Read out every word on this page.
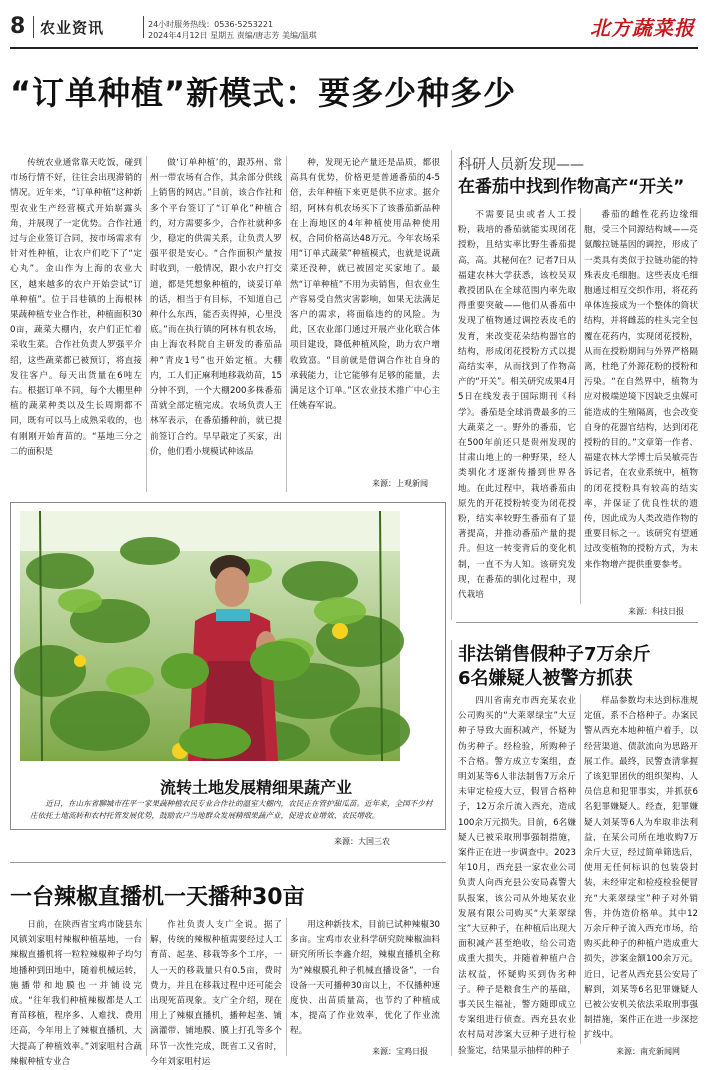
8 农业资讯	24小时服务热线：0536-5253221
2024年4月12日 星期五 责编/唐志芳 美编/温琪	北方蔬菜报
“订单种植”新模式：要多少种多少

传统农业通常靠天吃饭，碰到市场行情不好，往往会出现滞销的情况。近年来，“订单种植”这种新型农业生产经营模式开始崭露头角，并展现了一定优势。合作社通过与企业签订合同，按市场需求有针对性种植，让农户们吃下了“定心丸”。金山作为上海的农业大区，越来越多的农户开始尝试“订单种植”。位于吕巷镇的上海根林果蔬种植专业合作社，种植面积300亩，蔬菜大棚内，农户们正忙着采收生菜。合作社负责人罗强平介绍，这些蔬菜都已被预订，将直接发往客户。每天出货量在6吨左右。根据订单不同，每个大棚里种植的蔬菜种类以及生长周期都不同，既有可以马上成熟采收的，也有刚刚开始育苗的。“基地三分之二的面积是

做‘订单种植’的，跟苏州、常州一带农场有合作，其余部分供线上销售的网店。”目前，该合作社和多个平台签订了“订单化”种植合约，对方需要多少，合作社就种多少，稳定的供需关系，让负责人罗强平很是安心。“合作面积产量按时收到，一般情况，跟小农户打交道，都是凭想象种植的，谈妥订单的话，相当于有目标，不知道自己种什么东西，能否卖得掉，心里没底。”而在执行镇的阿林有机农场，由上海农科院自主研发的番茄品种“青皮1号”也开始定植。大棚内，工人们正麻利地移栽幼苗，15分钟不到，一个大棚200多株番茄苗就全部定植完成。农场负责人王林军表示，在番茄播种前，就已提前签订合约。早早敲定了买家，出价，他们看小规模试种该品

种，发现无论产量还是品质，都很高具有优势，价格更是普通番茄的4-5倍，去年种植下来更是供不应求。据介绍，阿林有机农场买下了该番茄新品种在上海地区的4年种植使用品种使用权，合同价格高达48万元。今年农场采用“订单式蔬菜”种植模式，也就是说蔬菜还没种，就已被固定买家地了。最然“订单种植”不用为卖销售，但农业生产容易受自然灾害影响，如果无法满足客户的需求，将面临违约的风险。为此，区农业部门通过开展产业化联合体项目建设，降低种植风险，助力农户增收致富。“目前就是借调合作社自身的承载能力，让它能够有足够的能量，去满足这个订单。”区农业技术推广中心主任姚春军说。

来源：上观新闻
科研人员新发现——
在番茄中找到作物高产“开关”

不需要昆虫或者人工授粉，栽培的番茄就能实现闭花授粉，且结实率比野生番茄提高，高。其秘何在？记者7日从福建农林大学获悉，该校吴双教授团队在全球范围内率先取得重要突破——他们从番茄中发现了植物通过调控表皮毛的发育，来改变花朵结构器官的结构，形成闭花授粉方式以提高结实率，从而找到了作物高产的“开关”。相关研究成果4月5日在线发表于国际期刊《科学》。番茄是全球消费最多的三大蔬菜之一。野外的番茄，它在500年前还只是贵州发现的甘肃山地上的一种野果，经人类驯化才逐渐传播到世界各地。在此过程中，栽培番茄由原先的开花授粉转变为闭花授粉，结实率较野生番茄有了显著提高，并推动番茄产量的提升。但这一转变背后的变化机制，一直不为人知。该研究发现，在番茄的驯化过程中，现代栽培

番茄的雌性花药边缘细胞，受三个同源结构域——亮氨酸拉链基因的调控，形成了一类具有类似于拉链功能的特殊表皮毛细胞。这些表皮毛细胞通过相互交织作用，将花药单体连接成为一个整体的筒状结构，并将雌蕊的柱头完全包覆在花药内，实现闭花授粉，从而在授粉期间与外界严格隔离，杜绝了外源花粉的授粉和污染。“在自然界中，植物为应对极端逆境下因缺乏虫媒可能造成的生殖隔离，也会改变自身的花器官结构，达到闭花授粉的目的。”文章第一作者、福建农林大学博士后吴敏亮告诉记者，在农业系统中，植物的闭花授粉具有较高的结实率，并保证了优良性状的遗传，因此成为人类改造作物的重要目标之一。该研究有望通过改变植物的授粉方式，为未来作物增产提供重要参考。

来源：科技日报
流转土地发展精细果蔬产业
近日，在山东省聊城市茌平一家果蔬种植农民专业合作社的温室大棚内，农民正在管护甜瓜苗。近年来，全国不少村庄依托土地流转和农村托管发展优势，鼓励农户当地群众发展精细果蔬产业，促进农业增效、农民增收。
来源：大国三农
非法销售假种子7万余斤
6名嫌疑人被警方抓获

四川省南充市西充某农业公司购买的“大莱翠绿宝”大豆种子导致大面积减产，怀疑为伪劣种子。经检验，所购种子不合格。警方成立专案组，查明刘某等6人非法制售7万余斤未审定检疫大豆，假冒合格种子，12万余斤流入西充，造成100余万元损失。目前，6名嫌疑人已被采取刑事强制措施，案件正在进一步调查中。2023年10月，西充县一家农业公司负责人向西充县公安局森警大队报案，该公司从外地某农业发展有限公司购买“大莱翠绿宝”大豆种子，在种植后出现大面积减产甚至绝收，给公司造成重大损失，并随着种植户合法权益，怀疑购买到伪劣种子。种子是粮食生产的基础，事关民生福祉，警方随即成立专案组进行侦查。西充县农业农村局对涉案大豆种子进行检验鉴定，结果显示抽样的种子

样品参数均未达到标准规定值，系不合格种子。办案民警从西充本地种植户着手，以经营渠道、债款流向为思路开展工作。最终，民警查清掌握了该犯罪团伙的组织架构、人员信息和犯罪事实，并抓获6名犯罪嫌疑人。经查，犯罪嫌疑人刘某等6人为牟取非法利益，在某公司所在地收购7万余斤大豆，经过简单筛选后，使用无任何标识的包装袋封装，未经审定和检疫检验便冒充“大莱翠绿宝”种子对外销售，并伪造价格单。其中12万余斤种子流入西充市场，给购买此种子的种植户造成重大损失，涉案金额100余万元。近日，记者从西充县公安局了解到，刘某等6名犯罪嫌疑人已被公安机关依法采取刑事强制措施，案件正在进一步深挖扩线中。

来源：南充新闻网
一台辣椒直播机一天播种30亩

日前，在陕西省宝鸡市陇县东风镇刘家咀村辣椒种植基地，一台辣椒直播机将一粒粒辣椒种子均匀地播种到田地中，随着机械运转，施播带和地膜也一并铺设完成。“往年我们种植辣椒都是人工育苗移植，程序多、人难找、费用还高，今年用上了辣椒直播机，大大提高了种植效率。”刘家咀村合蔬辣椒种植专业合

作社负责人支广全说。据了解，传统的辣椒种植需要经过人工育苗、起垄、移栽等多个工序，一人一天的移栽量只有0.5亩，费时费力，并且在移栽过程中还可能会出现死苗现象。支广全介绍，现在用上了辣椒直播机，播种起垄、铺滴灌带、铺地膜、膜上打孔等多个环节一次性完成，既省工又省时，今年刘家咀村运

用这种新技术，目前已试种辣椒30多亩。宝鸡市农业科学研究院辣椒油料研究所所长李鑫介绍，辣椒直播机全称为“辣椒膜孔种子机械直播设备”，一台设备一天可播种30亩以上，不仅播种速度快、出苗质量高，也节约了种植成本，提高了作业效率，优化了作业流程。

来源：宝鸡日报
